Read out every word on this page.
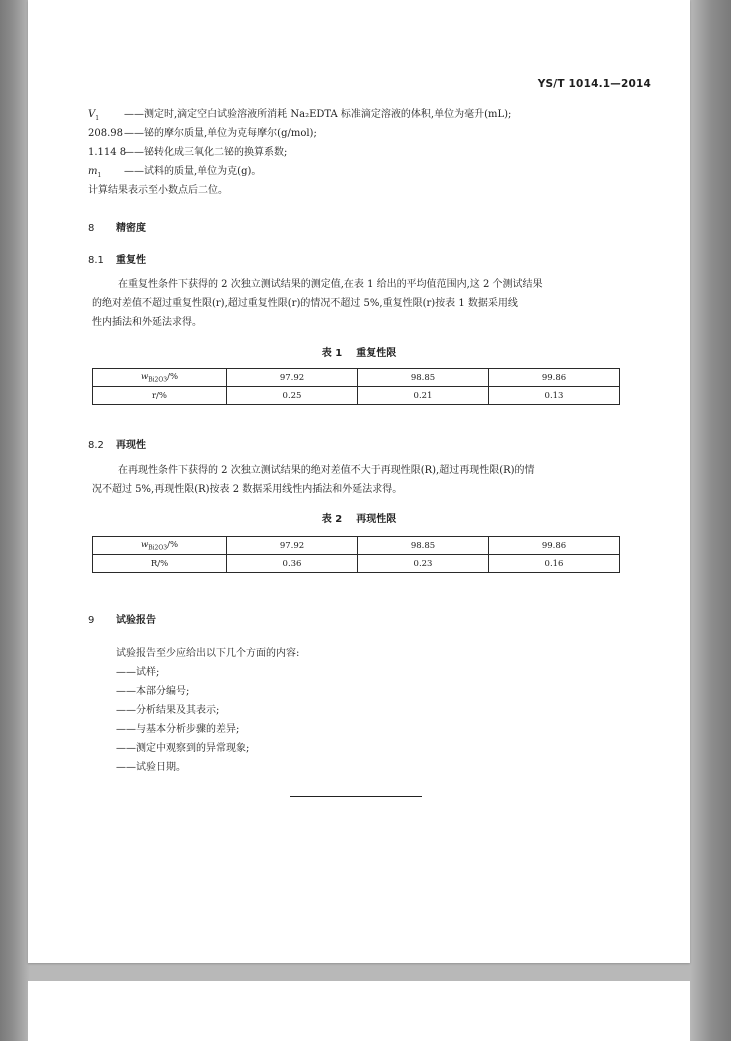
YS/T 1014.1—2014
$V_1$ ——测定时,滴定空白试验溶液所消耗 Na₂EDTA 标准滴定溶液的体积,单位为毫升(mL);
208.98——铋的摩尔质量,单位为克每摩尔(g/mol);
1.114 8——铋转化成三氧化二铋的换算系数;
$m_1$ ——试料的质量,单位为克(g)。
计算结果表示至小数点后二位。
8 精密度
8.1 重复性
在重复性条件下获得的 2 次独立测试结果的测定值,在表 1 给出的平均值范围内,这 2 个测试结果
的绝对差值不超过重复性限(r),超过重复性限(r)的情况不超过 5%,重复性限(r)按表 1 数据采用线
性内插法和外延法求得。
表 1 重复性限
$w_{Bi2O3}/\%$	97.92	98.85	99.86
r/%	0.25	0.21	0.13
8.2 再现性
在再现性条件下获得的 2 次独立测试结果的绝对差值不大于再现性限(R),超过再现性限(R)的情
况不超过 5%,再现性限(R)按表 2 数据采用线性内插法和外延法求得。
表 2 再现性限
$w_{Bi2O3}/\%$	97.92	98.85	99.86
R/%	0.36	0.23	0.16
9 试验报告
试验报告至少应给出以下几个方面的内容:
——试样;
——本部分编号;
——分析结果及其表示;
——与基本分析步骤的差异;
——测定中观察到的异常现象;
——试验日期。
